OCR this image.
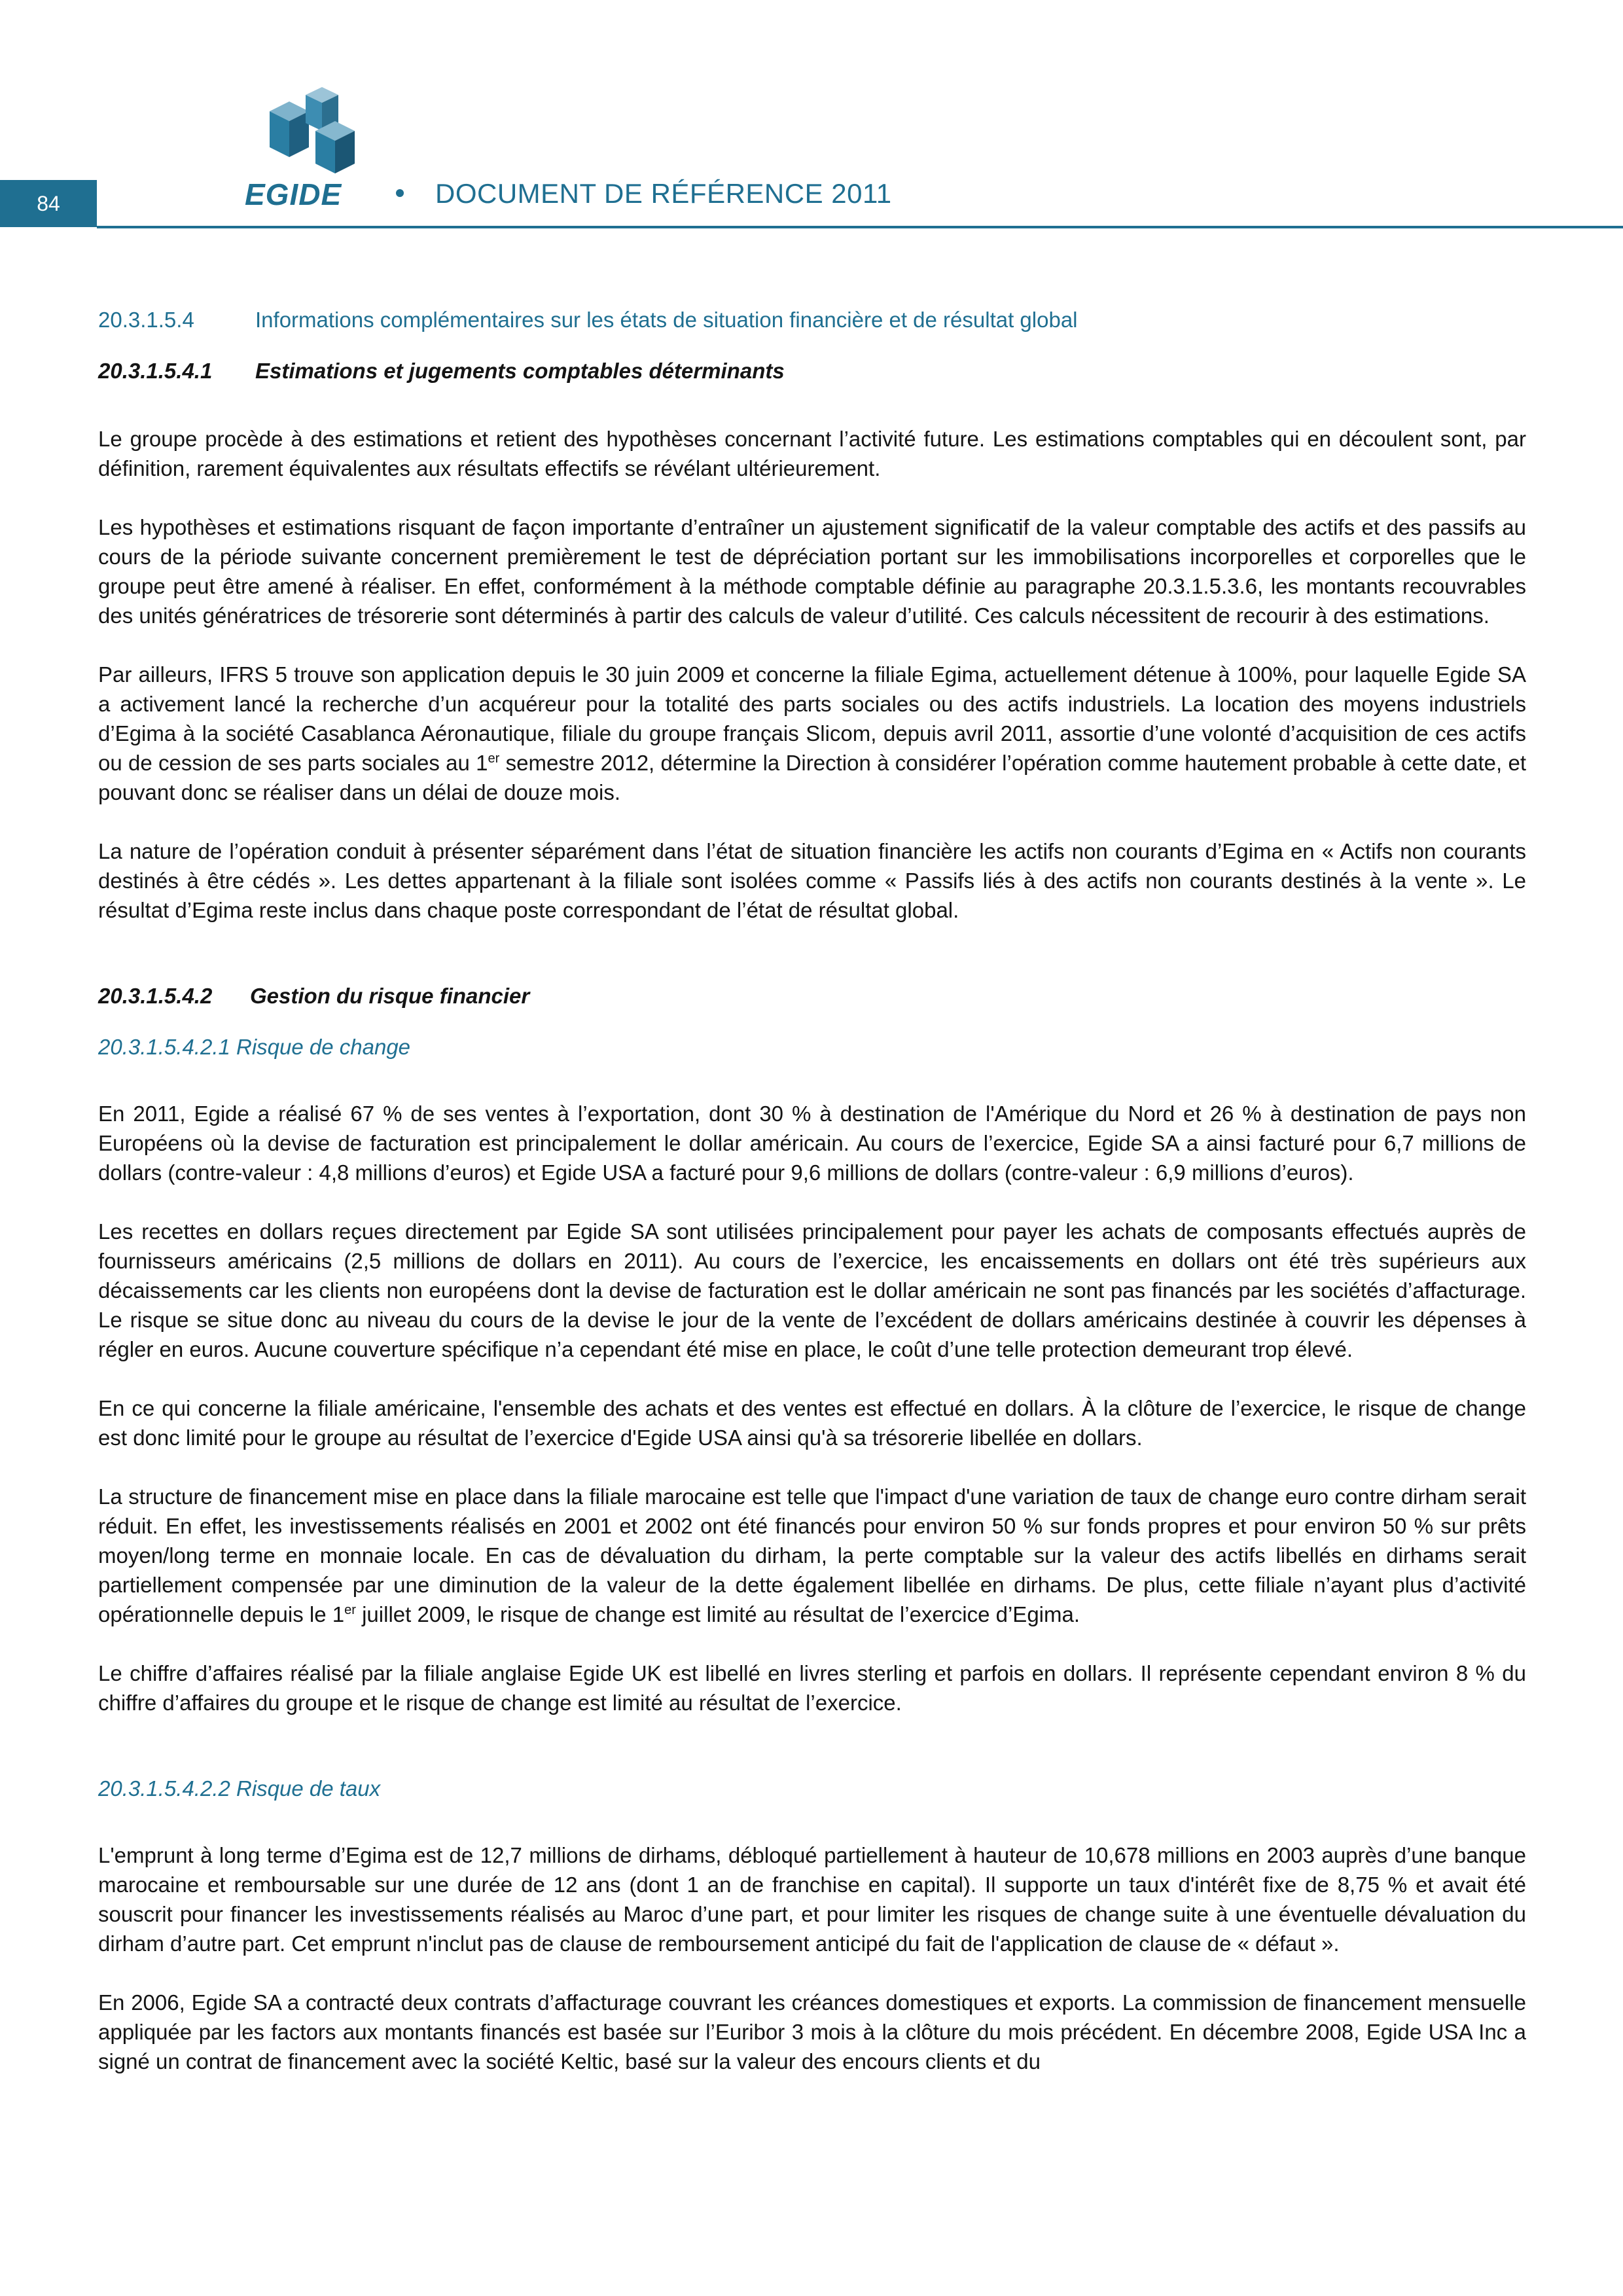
84	EGIDE	DOCUMENT DE RÉFÉRENCE 2011
20.3.1.5.4	Informations complémentaires sur les états de situation financière et de résultat global
20.3.1.5.4.1	Estimations et jugements comptables déterminants

Le groupe procède à des estimations et retient des hypothèses concernant l’activité future. Les estimations comptables qui en découlent sont, par définition, rarement équivalentes aux résultats effectifs se révélant ultérieurement.

Les hypothèses et estimations risquant de façon importante d’entraîner un ajustement significatif de la valeur comptable des actifs et des passifs au cours de la période suivante concernent premièrement le test de dépréciation portant sur les immobilisations incorporelles et corporelles que le groupe peut être amené à réaliser. En effet, conformément à la méthode comptable définie au paragraphe 20.3.1.5.3.6, les montants recouvrables des unités génératrices de trésorerie sont déterminés à partir des calculs de valeur d’utilité. Ces calculs nécessitent de recourir à des estimations.

Par ailleurs, IFRS 5 trouve son application depuis le 30 juin 2009 et concerne la filiale Egima, actuellement détenue à 100%, pour laquelle Egide SA a activement lancé la recherche d’un acquéreur pour la totalité des parts sociales ou des actifs industriels. La location des moyens industriels d’Egima à la société Casablanca Aéronautique, filiale du groupe français Slicom, depuis avril 2011, assortie d’une volonté d’acquisition de ces actifs ou de cession de ses parts sociales au 1er semestre 2012, détermine la Direction à considérer l’opération comme hautement probable à cette date, et pouvant donc se réaliser dans un délai de douze mois.

La nature de l’opération conduit à présenter séparément dans l’état de situation financière les actifs non courants d’Egima en « Actifs non courants destinés à être cédés ». Les dettes appartenant à la filiale sont isolées comme « Passifs liés à des actifs non courants destinés à la vente ». Le résultat d’Egima reste inclus dans chaque poste correspondant de l’état de résultat global.

20.3.1.5.4.2	Gestion du risque financier
20.3.1.5.4.2.1 Risque de change

En 2011, Egide a réalisé 67 % de ses ventes à l’exportation, dont 30 % à destination de l'Amérique du Nord et 26 % à destination de pays non Européens où la devise de facturation est principalement le dollar américain. Au cours de l’exercice, Egide SA a ainsi facturé pour 6,7 millions de dollars (contre-valeur : 4,8 millions d’euros) et Egide USA a facturé pour 9,6 millions de dollars (contre-valeur : 6,9 millions d’euros).

Les recettes en dollars reçues directement par Egide SA sont utilisées principalement pour payer les achats de composants effectués auprès de fournisseurs américains (2,5 millions de dollars en 2011). Au cours de l’exercice, les encaissements en dollars ont été très supérieurs aux décaissements car les clients non européens dont la devise de facturation est le dollar américain ne sont pas financés par les sociétés d’affacturage. Le risque se situe donc au niveau du cours de la devise le jour de la vente de l’excédent de dollars américains destinée à couvrir les dépenses à régler en euros. Aucune couverture spécifique n’a cependant été mise en place, le coût d’une telle protection demeurant trop élevé.

En ce qui concerne la filiale américaine, l'ensemble des achats et des ventes est effectué en dollars. À la clôture de l’exercice, le risque de change est donc limité pour le groupe au résultat de l’exercice d'Egide USA ainsi qu'à sa trésorerie libellée en dollars.

La structure de financement mise en place dans la filiale marocaine est telle que l'impact d'une variation de taux de change euro contre dirham serait réduit. En effet, les investissements réalisés en 2001 et 2002 ont été financés pour environ 50 % sur fonds propres et pour environ 50 % sur prêts moyen/long terme en monnaie locale. En cas de dévaluation du dirham, la perte comptable sur la valeur des actifs libellés en dirhams serait partiellement compensée par une diminution de la valeur de la dette également libellée en dirhams. De plus, cette filiale n’ayant plus d’activité opérationnelle depuis le 1er juillet 2009, le risque de change est limité au résultat de l’exercice d’Egima.

Le chiffre d’affaires réalisé par la filiale anglaise Egide UK est libellé en livres sterling et parfois en dollars. Il représente cependant environ 8 % du chiffre d’affaires du groupe et le risque de change est limité au résultat de l’exercice.

20.3.1.5.4.2.2 Risque de taux

L'emprunt à long terme d’Egima est de 12,7 millions de dirhams, débloqué partiellement à hauteur de 10,678 millions en 2003 auprès d’une banque marocaine et remboursable sur une durée de 12 ans (dont 1 an de franchise en capital). Il supporte un taux d'intérêt fixe de 8,75 % et avait été souscrit pour financer les investissements réalisés au Maroc d’une part, et pour limiter les risques de change suite à une éventuelle dévaluation du dirham d’autre part. Cet emprunt n'inclut pas de clause de remboursement anticipé du fait de l'application de clause de « défaut ».

En 2006, Egide SA a contracté deux contrats d’affacturage couvrant les créances domestiques et exports. La commission de financement mensuelle appliquée par les factors aux montants financés est basée sur l’Euribor 3 mois à la clôture du mois précédent. En décembre 2008, Egide USA Inc a signé un contrat de financement avec la société Keltic, basé sur la valeur des encours clients et du
